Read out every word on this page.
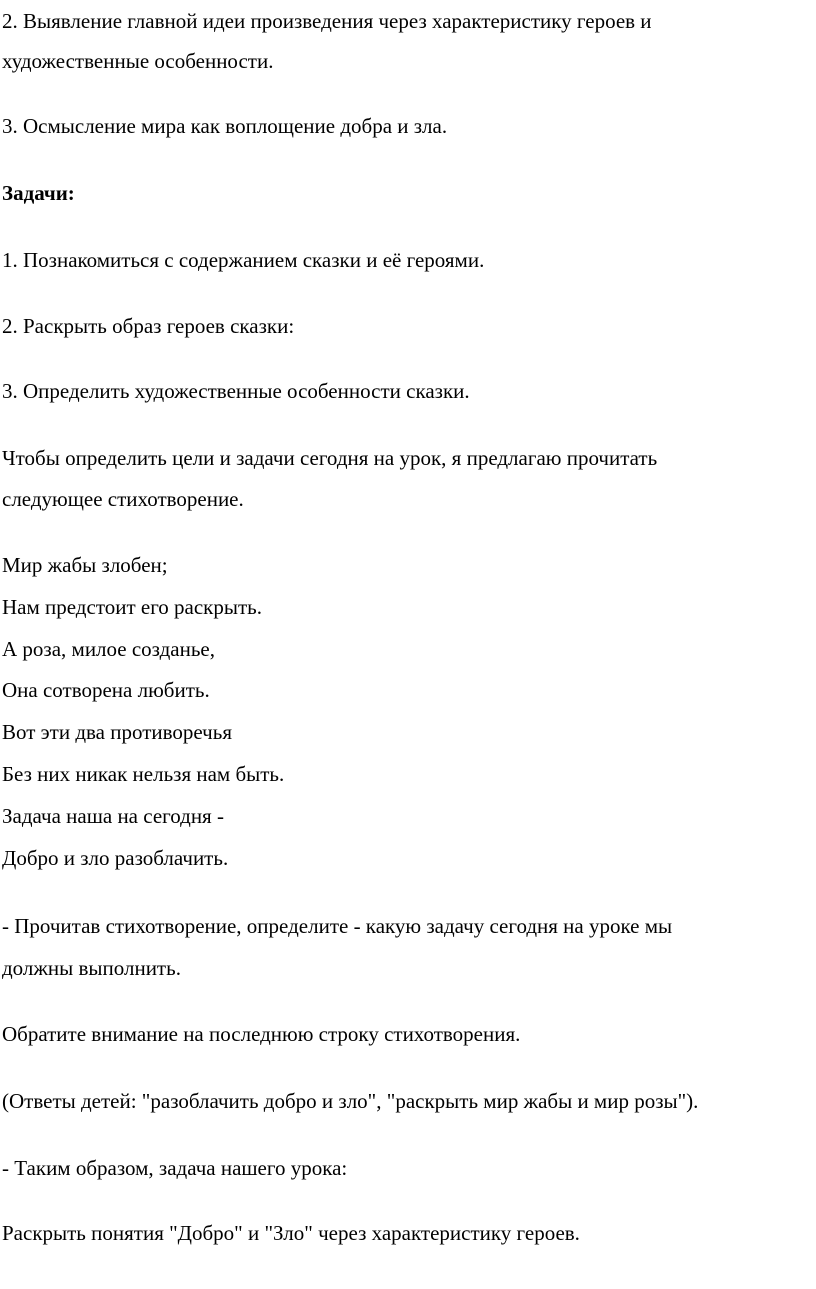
2. Выявление главной идеи произведения через характеристику героев и
художественные особенности.
3. Осмысление мира как воплощение добра и зла.
Задачи:
1. Познакомиться с содержанием сказки и её героями.
2. Раскрыть образ героев сказки:
3. Определить художественные особенности сказки.
Чтобы определить цели и задачи сегодня на урок, я предлагаю прочитать
следующее стихотворение.
Мир жабы злобен;
Нам предстоит его раскрыть.
А роза, милое созданье,
Она сотворена любить.
Вот эти два противоречья
Без них никак нельзя нам быть.
Задача наша на сегодня -
Добро и зло разоблачить.
- Прочитав стихотворение, определите - какую задачу сегодня на уроке мы
должны выполнить.
Обратите внимание на последнюю строку стихотворения.
(Ответы детей: "разоблачить добро и зло", "раскрыть мир жабы и мир розы").
- Таким образом, задача нашего урока:
Раскрыть понятия "Добро" и "Зло" через характеристику героев.
